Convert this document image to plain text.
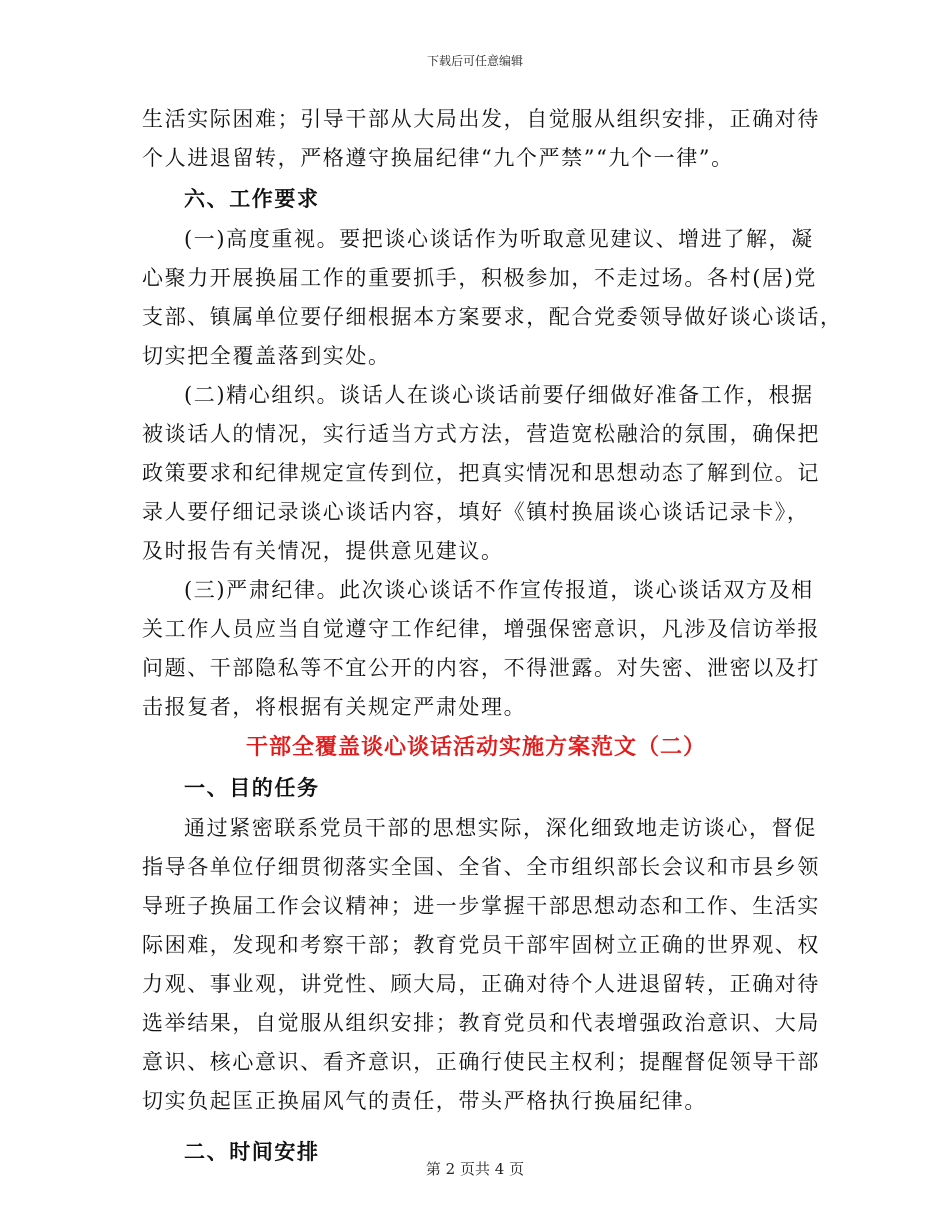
下载后可任意编辑
生活实际困难；引导干部从大局出发，自觉服从组织安排，正确对待
个人进退留转，严格遵守换届纪律“九个严禁”“九个一律”。
六、工作要求
(一)高度重视。要把谈心谈话作为听取意见建议、增进了解，凝
心聚力开展换届工作的重要抓手，积极参加，不走过场。各村(居)党
支部、镇属单位要仔细根据本方案要求，配合党委领导做好谈心谈话，
切实把全覆盖落到实处。
(二)精心组织。谈话人在谈心谈话前要仔细做好准备工作，根据
被谈话人的情况，实行适当方式方法，营造宽松融洽的氛围，确保把
政策要求和纪律规定宣传到位，把真实情况和思想动态了解到位。记
录人要仔细记录谈心谈话内容，填好《镇村换届谈心谈话记录卡》，
及时报告有关情况，提供意见建议。
(三)严肃纪律。此次谈心谈话不作宣传报道，谈心谈话双方及相
关工作人员应当自觉遵守工作纪律，增强保密意识，凡涉及信访举报
问题、干部隐私等不宜公开的内容，不得泄露。对失密、泄密以及打
击报复者，将根据有关规定严肃处理。
干部全覆盖谈心谈话活动实施方案范文（二）
一、目的任务
通过紧密联系党员干部的思想实际，深化细致地走访谈心，督促
指导各单位仔细贯彻落实全国、全省、全市组织部长会议和市县乡领
导班子换届工作会议精神；进一步掌握干部思想动态和工作、生活实
际困难，发现和考察干部；教育党员干部牢固树立正确的世界观、权
力观、事业观，讲党性、顾大局，正确对待个人进退留转，正确对待
选举结果，自觉服从组织安排；教育党员和代表增强政治意识、大局
意识、核心意识、看齐意识，正确行使民主权利；提醒督促领导干部
切实负起匡正换届风气的责任，带头严格执行换届纪律。
二、时间安排
第 2 页共 4 页
